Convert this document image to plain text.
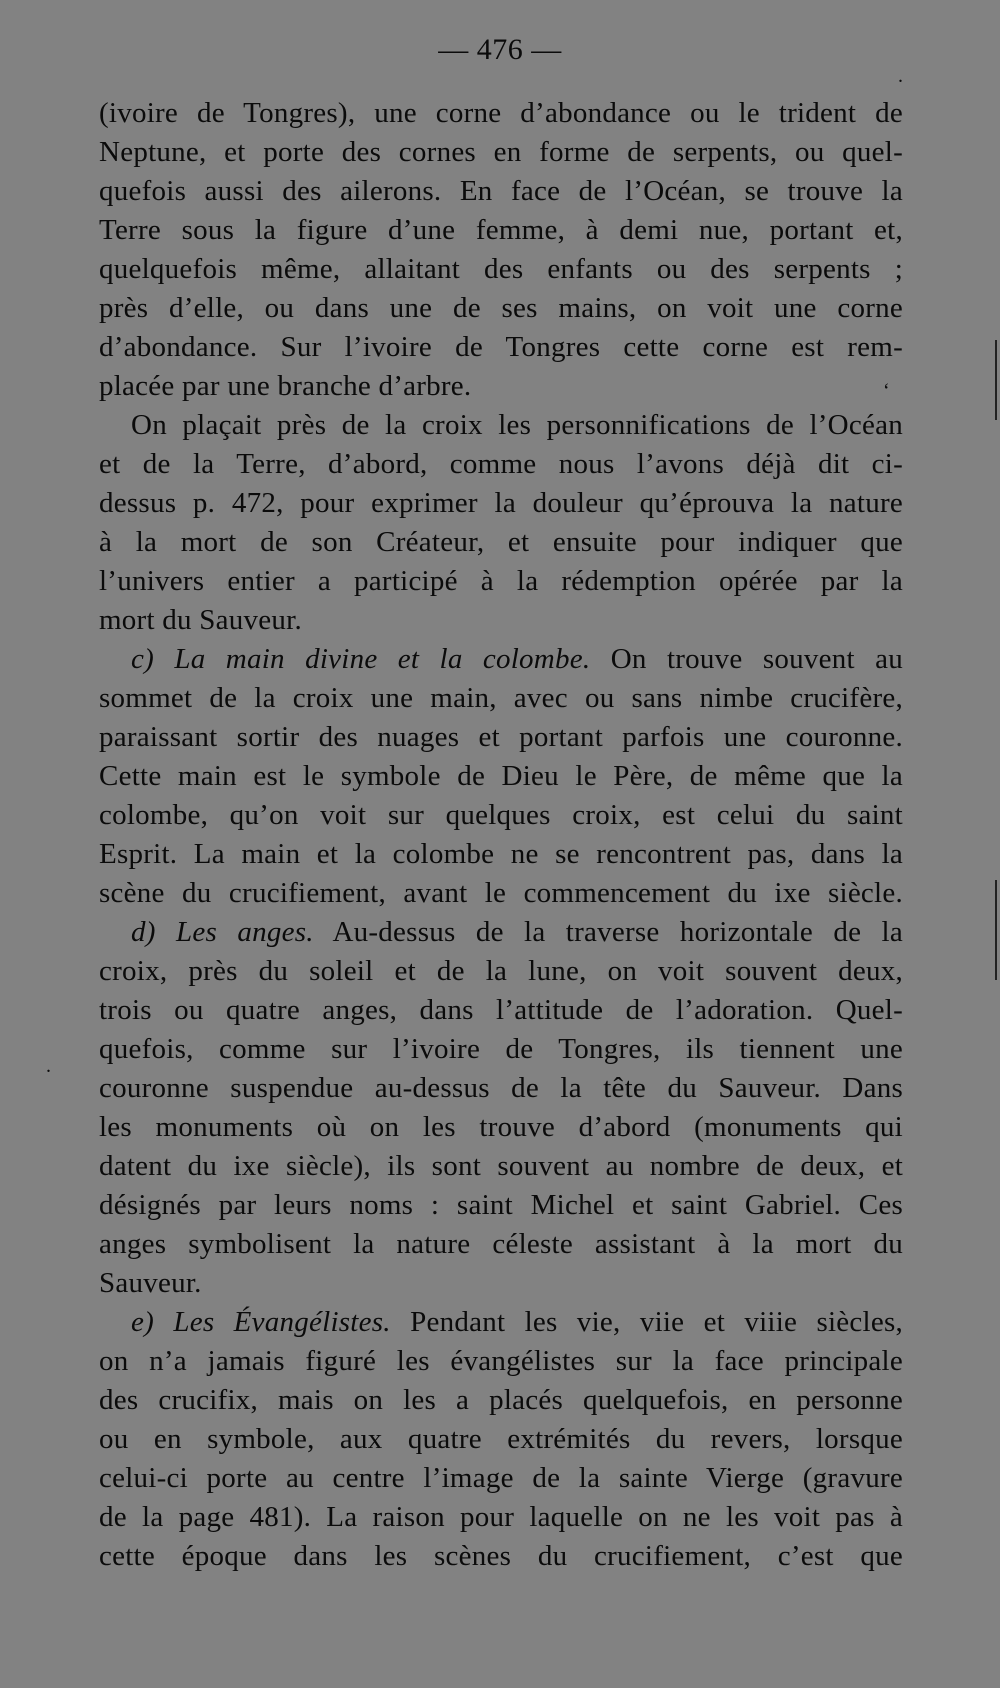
— 476 —
(ivoire de Tongres), une corne d’abondance ou le trident de
Neptune, et porte des cornes en forme de serpents, ou quel-
quefois aussi des ailerons. En face de l’Océan, se trouve la
Terre sous la figure d’une femme, à demi nue, portant et,
quelquefois même, allaitant des enfants ou des serpents ;
près d’elle, ou dans une de ses mains, on voit une corne
d’abondance. Sur l’ivoire de Tongres cette corne est rem-
placée par une branche d’arbre.
On plaçait près de la croix les personnifications de l’Océan
et de la Terre, d’abord, comme nous l’avons déjà dit ci-
dessus p. 472, pour exprimer la douleur qu’éprouva la nature
à la mort de son Créateur, et ensuite pour indiquer que
l’univers entier a participé à la rédemption opérée par la
mort du Sauveur.
c) La main divine et la colombe. On trouve souvent au
sommet de la croix une main, avec ou sans nimbe crucifère,
paraissant sortir des nuages et portant parfois une couronne.
Cette main est le symbole de Dieu le Père, de même que la
colombe, qu’on voit sur quelques croix, est celui du saint
Esprit. La main et la colombe ne se rencontrent pas, dans la
scène du crucifiement, avant le commencement du ixe siècle.
d) Les anges. Au-dessus de la traverse horizontale de la
croix, près du soleil et de la lune, on voit souvent deux,
trois ou quatre anges, dans l’attitude de l’adoration. Quel-
quefois, comme sur l’ivoire de Tongres, ils tiennent une
couronne suspendue au-dessus de la tête du Sauveur. Dans
les monuments où on les trouve d’abord (monuments qui
datent du ixe siècle), ils sont souvent au nombre de deux, et
désignés par leurs noms : saint Michel et saint Gabriel. Ces
anges symbolisent la nature céleste assistant à la mort du
Sauveur.
e) Les Évangélistes. Pendant les vie, viie et viiie siècles,
on n’a jamais figuré les évangélistes sur la face principale
des crucifix, mais on les a placés quelquefois, en personne
ou en symbole, aux quatre extrémités du revers, lorsque
celui-ci porte au centre l’image de la sainte Vierge (gravure
de la page 481). La raison pour laquelle on ne les voit pas à
cette époque dans les scènes du crucifiement, c’est que
‘
.
.
